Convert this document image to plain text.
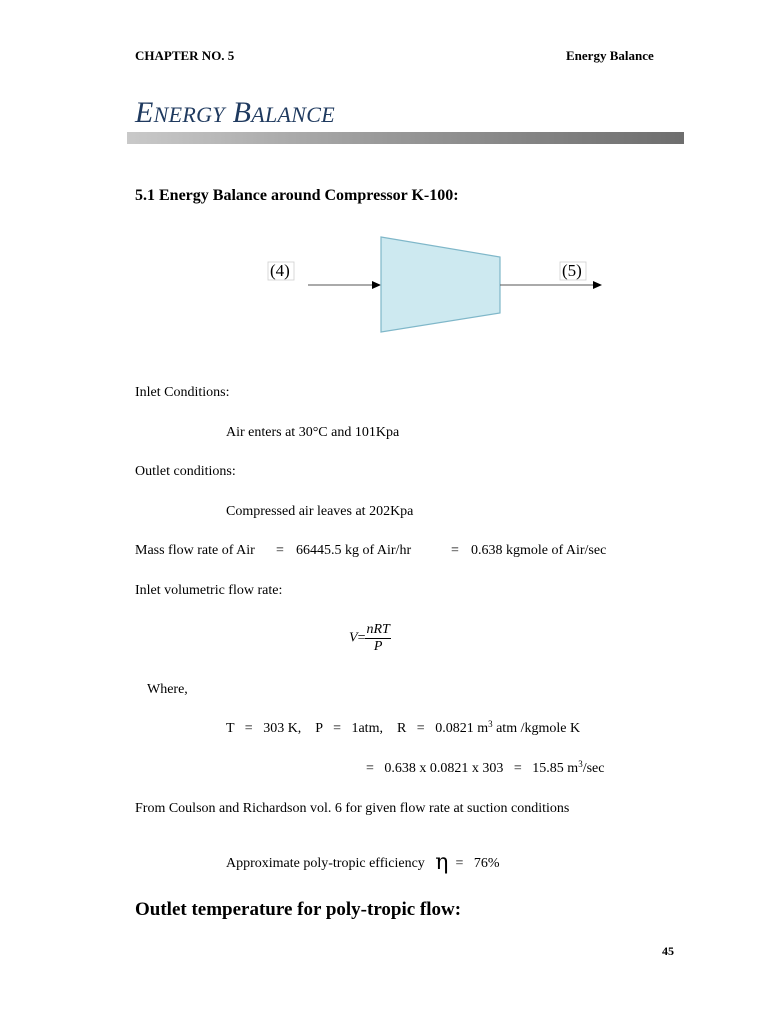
CHAPTER NO. 5	Energy Balance
ENERGY BALANCE
5.1 Energy Balance around Compressor K-100:
(4)	(5)
Inlet Conditions:
Air enters at 30°C and 101Kpa
Outlet conditions:
Compressed air leaves at 202Kpa
Mass flow rate of Air = 66445.5 kg of Air/hr	= 0.638 kgmole of Air/sec
Inlet volumetric flow rate:
$V= \frac{\text{nRT}}{P}$
Where,
T   =   303 K,    P   =   1atm,    R   =   0.0821 $m^3$ atm /kgmole K
=   0.638 x 0.0821 x 303   =   15.85 $m^3/\sec$
From Coulson and Richardson vol. 6 for given flow rate at suction conditions
Approximate poly-tropic efficiency η =   76%
Outlet temperature for poly-tropic flow:
45
